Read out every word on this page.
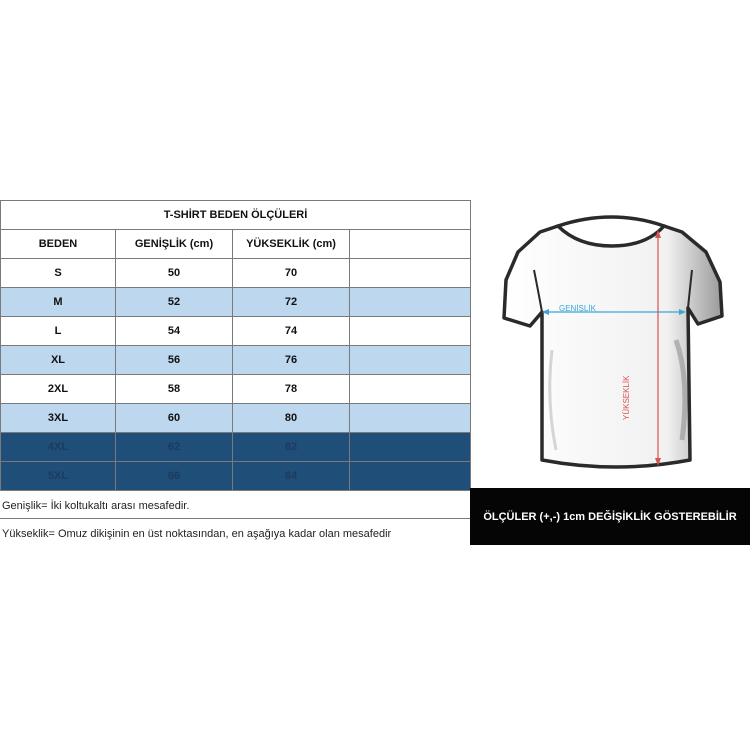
T-SHİRT BEDEN ÖLÇÜLERİ			
BEDEN	GENİŞLİK (cm)	YÜKSEKLİK (cm)	
S	50	70	
M	52	72	
L	54	74	
XL	56	76	
2XL	58	78	
3XL	60	80	
4XL	62	82	
5XL	66	84	
Genişlik= İki koltukaltı arası mesafedir.
Yükseklik= Omuz dikişinin en üst noktasından, en aşağıya kadar olan mesafedir
GENİŞLİK
YÜKSEKLİK
ÖLÇÜLER (+,-) 1cm DEĞİŞİKLİK GÖSTEREBİLİR
